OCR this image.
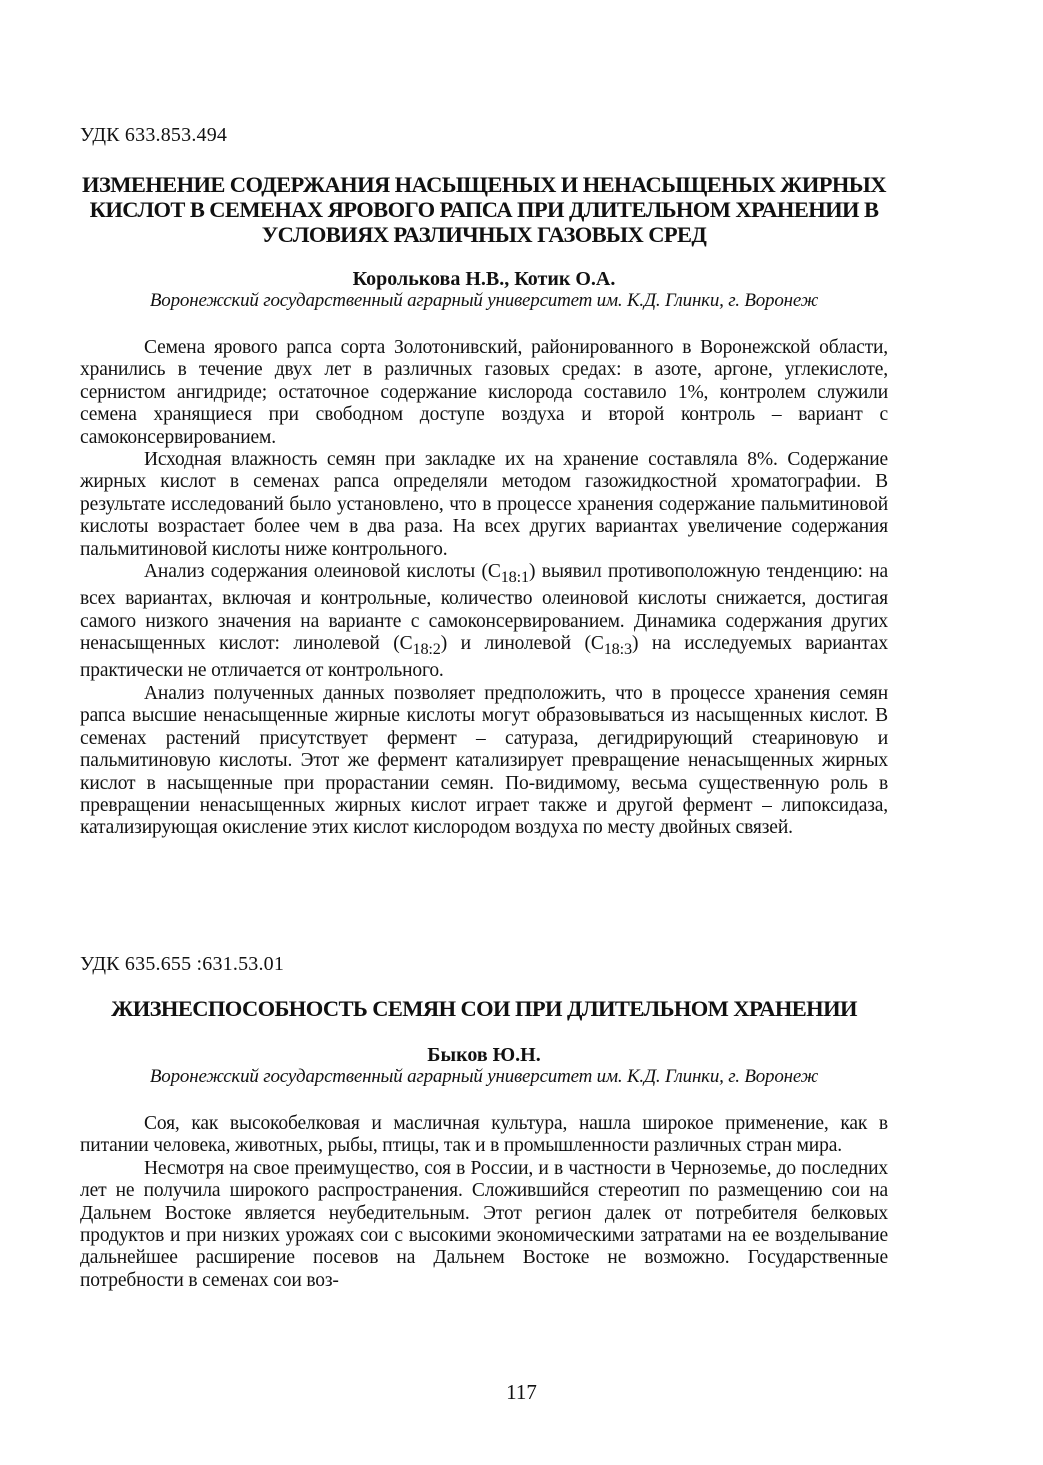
УДК 633.853.494
ИЗМЕНЕНИЕ СОДЕРЖАНИЯ НАСЫЩЕНЫХ И НЕНАСЫЩЕНЫХ ЖИРНЫХ КИСЛОТ В СЕМЕНАХ ЯРОВОГО РАПСА ПРИ ДЛИТЕЛЬНОМ ХРАНЕНИИ В УСЛОВИЯХ РАЗЛИЧНЫХ ГАЗОВЫХ СРЕД
Королькова Н.В., Котик О.А.
Воронежский государственный аграрный университет им. К.Д. Глинки, г. Воронеж

Семена ярового рапса сорта Золотонивский, районированного в Воронежской области, хранились в течение двух лет в различных газовых средах: в азоте, аргоне, углекислоте, сернистом ангидриде; остаточное содержание кислорода составило 1%, контролем служили семена хранящиеся при свободном доступе воздуха и второй контроль – вариант с самоконсервированием.

Исходная влажность семян при закладке их на хранение составляла 8%. Содержание жирных кислот в семенах рапса определяли методом газожидкостной хроматографии. В результате исследований было установлено, что в процессе хранения содержание пальмитиновой кислоты возрастает более чем в два раза. На всех других вариантах увеличение содержания пальмитиновой кислоты ниже контрольного.

Анализ содержания олеиновой кислоты $(C_{18:1})$ выявил противоположную тенденцию: на всех вариантах, включая и контрольные, количество олеиновой кислоты снижается, достигая самого низкого значения на варианте с самоконсервированием. Динамика содержания других ненасыщенных кислот: линолевой $(C_{18:2})$ и линолевой $(C_{18:3})$ на исследуемых вариантах практически не отличается от контрольного.

Анализ полученных данных позволяет предположить, что в процессе хранения семян рапса высшие ненасыщенные жирные кислоты могут образовываться из насыщенных кислот. В семенах растений присутствует фермент – сатураза, дегидрирующий стеариновую и пальмитиновую кислоты. Этот же фермент катализирует превращение ненасыщенных жирных кислот в насыщенные при прорастании семян. По-видимому, весьма существенную роль в превращении ненасыщенных жирных кислот играет также и другой фермент – липоксидаза, катализирующая окисление этих кислот кислородом воздуха по месту двойных связей.

УДК 635.655 :631.53.01
ЖИЗНЕСПОСОБНОСТЬ СЕМЯН СОИ ПРИ ДЛИТЕЛЬНОМ ХРАНЕНИИ
Быков Ю.Н.
Воронежский государственный аграрный университет им. К.Д. Глинки, г. Воронеж

Соя, как высокобелковая и масличная культура, нашла широкое применение, как в питании человека, животных, рыбы, птицы, так и в промышленности различных стран мира.

Несмотря на свое преимущество, соя в России, и в частности в Черноземье, до последних лет не получила широкого распространения. Сложившийся стереотип по размещению сои на Дальнем Востоке является неубедительным. Этот регион далек от потребителя белковых продуктов и при низких урожаях сои с высокими экономическими затратами на ее возделывание дальнейшее расширение посевов на Дальнем Востоке не возможно. Государственные потребности в семенах сои воз-

117
